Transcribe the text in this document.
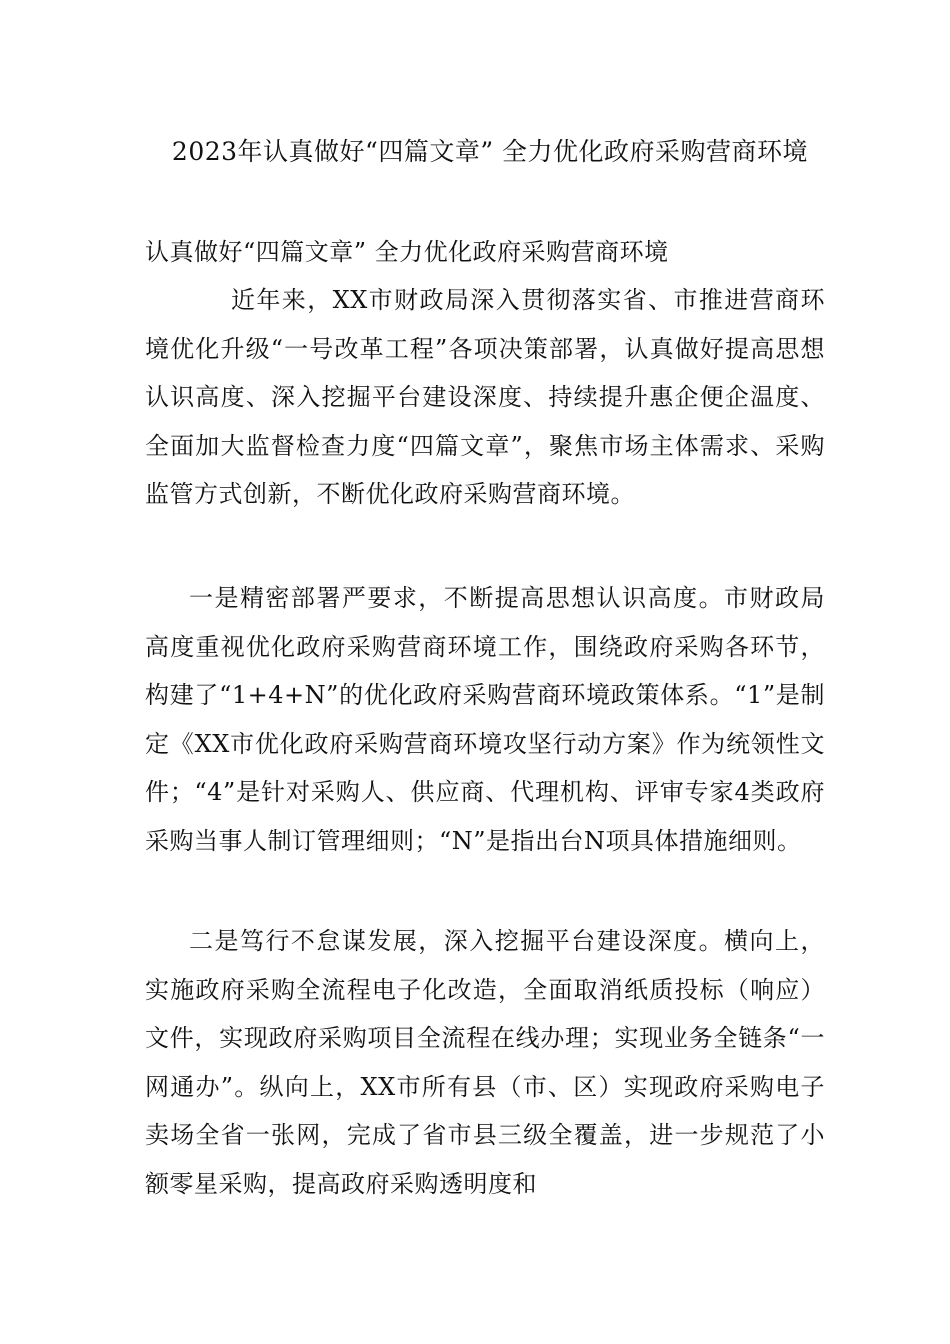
2023年认真做好“四篇文章” 全力优化政府采购营商环境

认真做好“四篇文章” 全力优化政府采购营商环境

近年来，XX市财政局深入贯彻落实省、市推进营商环境优化升级“一号改革工程”各项决策部署，认真做好提高思想认识高度、深入挖掘平台建设深度、持续提升惠企便企温度、全面加大监督检查力度“四篇文章”，聚焦市场主体需求、采购监管方式创新，不断优化政府采购营商环境。

一是精密部署严要求，不断提高思想认识高度。市财政局高度重视优化政府采购营商环境工作，围绕政府采购各环节，构建了“1+4+N”的优化政府采购营商环境政策体系。“1”是制定《XX市优化政府采购营商环境攻坚行动方案》作为统领性文件；“4”是针对采购人、供应商、代理机构、评审专家4类政府采购当事人制订管理细则；“N”是指出台N项具体措施细则。

二是笃行不怠谋发展，深入挖掘平台建设深度。横向上，实施政府采购全流程电子化改造，全面取消纸质投标（响应）文件，实现政府采购项目全流程在线办理；实现业务全链条“一网通办”。纵向上，XX市所有县（市、区）实现政府采购电子卖场全省一张网，完成了省市县三级全覆盖，进一步规范了小额零星采购，提高政府采购透明度和
